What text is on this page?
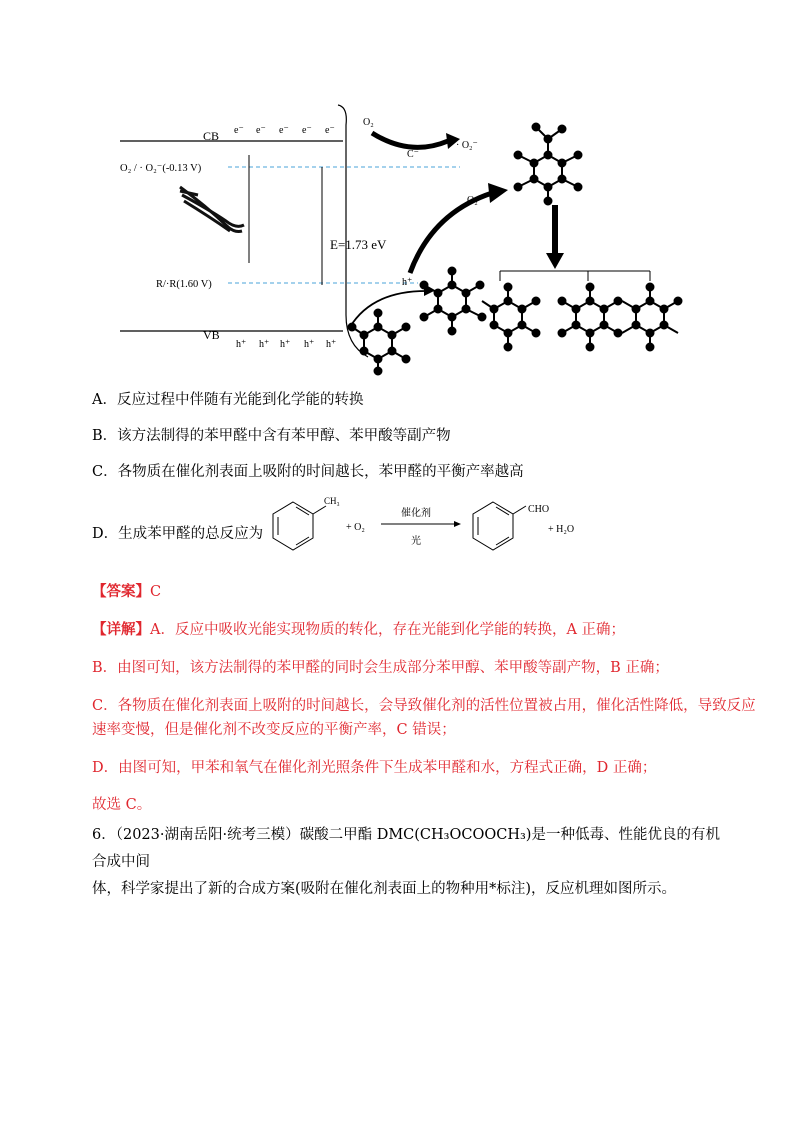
CB
VB
e⁻ e⁻ e⁻ e⁻ e⁻
h⁺ h⁺ h⁺ h⁺ h⁺
O₂ / · O₂⁻(-0.13 V)
R/·R(1.60 V)
E=1.73 eV
O₂
C⁻
· O₂⁻
O₂
h⁺
A．反应过程中伴随有光能到化学能的转换
B．该方法制得的苯甲醛中含有苯甲醇、苯甲酸等副产物
C．各物质在催化剂表面上吸附的时间越长，苯甲醛的平衡产率越高
D．生成苯甲醛的总反应为
CH₃
+ O₂
催化剂
光
CHO
+ H₂O
【答案】C
【详解】A．反应中吸收光能实现物质的转化，存在光能到化学能的转换，A 正确；
B．由图可知，该方法制得的苯甲醛的同时会生成部分苯甲醇、苯甲酸等副产物，B 正确；
C．各物质在催化剂表面上吸附的时间越长，会导致催化剂的活性位置被占用，催化活性降低，导致反应
速率变慢，但是催化剂不改变反应的平衡产率，C 错误；
D．由图可知，甲苯和氧气在催化剂光照条件下生成苯甲醛和水，方程式正确，D 正确；
故选 C。
6．（2023·湖南岳阳·统考三模）碳酸二甲酯 DMC(CH₃OCOOCH₃)是一种低毒、性能优良的有机合成中间
体，科学家提出了新的合成方案(吸附在催化剂表面上的物种用*标注)，反应机理如图所示。
